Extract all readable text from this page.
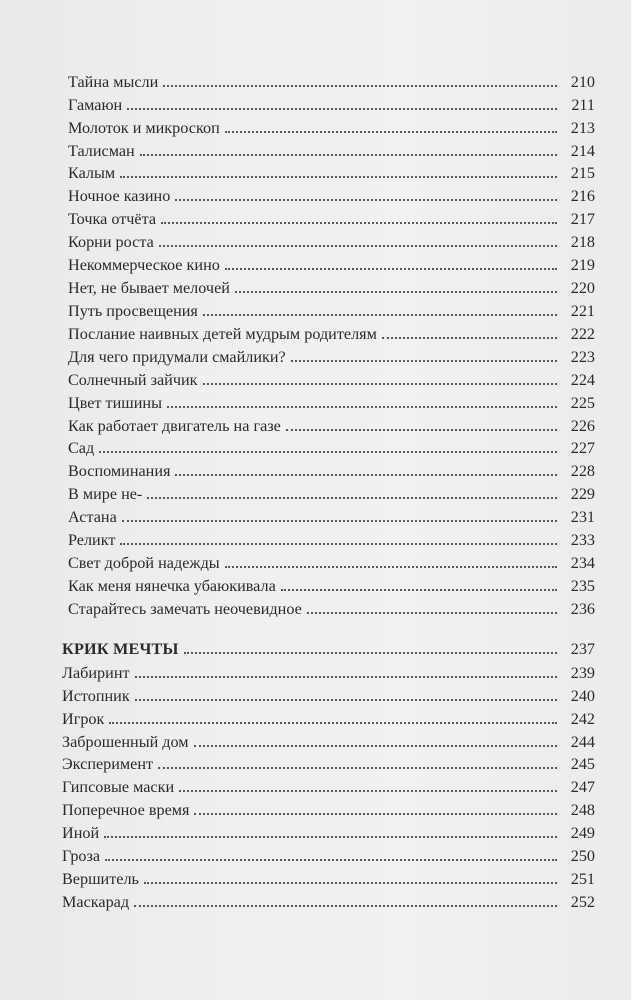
Тайна мысли	210
Гамаюн	211
Молоток и микроскоп	213
Талисман	214
Калым	215
Ночное казино	216
Точка отчёта	217
Корни роста	218
Некоммерческое кино	219
Нет, не бывает мелочей	220
Путь просвещения	221
Послание наивных детей мудрым родителям	222
Для чего придумали смайлики?	223
Солнечный зайчик	224
Цвет тишины	225
Как работает двигатель на газе	226
Сад	227
Воспоминания	228
В мире не-	229
Астана	231
Реликт	233
Свет доброй надежды	234
Как меня нянечка убаюкивала	235
Старайтесь замечать неочевидное	236
КРИК МЕЧТЫ	237
Лабиринт	239
Истопник	240
Игрок	242
Заброшенный дом	244
Эксперимент	245
Гипсовые маски	247
Поперечное время	248
Иной	249
Гроза	250
Вершитель	251
Маскарад	252
